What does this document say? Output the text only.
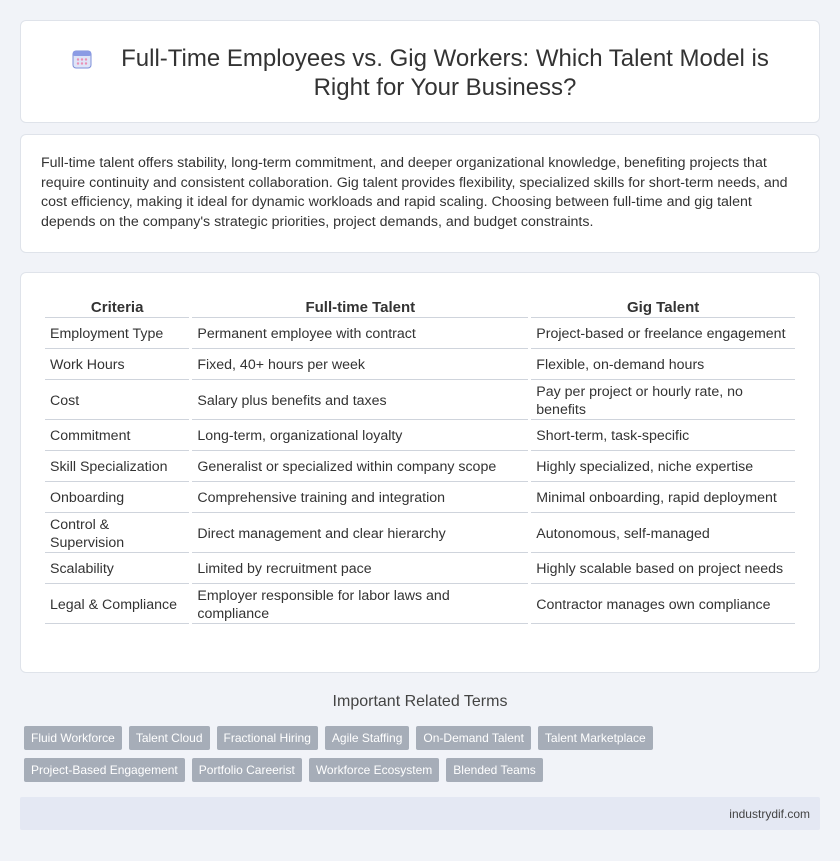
Full-Time Employees vs. Gig Workers: Which Talent Model is Right for Your Business?

Full-time talent offers stability, long-term commitment, and deeper organizational knowledge, benefiting projects that require continuity and consistent collaboration. Gig talent provides flexibility, specialized skills for short-term needs, and cost efficiency, making it ideal for dynamic workloads and rapid scaling. Choosing between full-time and gig talent depends on the company's strategic priorities, project demands, and budget constraints.

Criteria	Full-time Talent	Gig Talent
Employment Type	Permanent employee with contract	Project-based or freelance engagement
Work Hours	Fixed, 40+ hours per week	Flexible, on-demand hours
Cost	Salary plus benefits and taxes	Pay per project or hourly rate, no benefits
Commitment	Long-term, organizational loyalty	Short-term, task-specific
Skill Specialization	Generalist or specialized within company scope	Highly specialized, niche expertise
Onboarding	Comprehensive training and integration	Minimal onboarding, rapid deployment
Control & Supervision	Direct management and clear hierarchy	Autonomous, self-managed
Scalability	Limited by recruitment pace	Highly scalable based on project needs
Legal & Compliance	Employer responsible for labor laws and compliance	Contractor manages own compliance
Important Related Terms
Fluid Workforce	Talent Cloud	Fractional Hiring	Agile Staffing	On-Demand Talent	Talent Marketplace
Project-Based Engagement	Portfolio Careerist	Workforce Ecosystem	Blended Teams
industrydif.com
